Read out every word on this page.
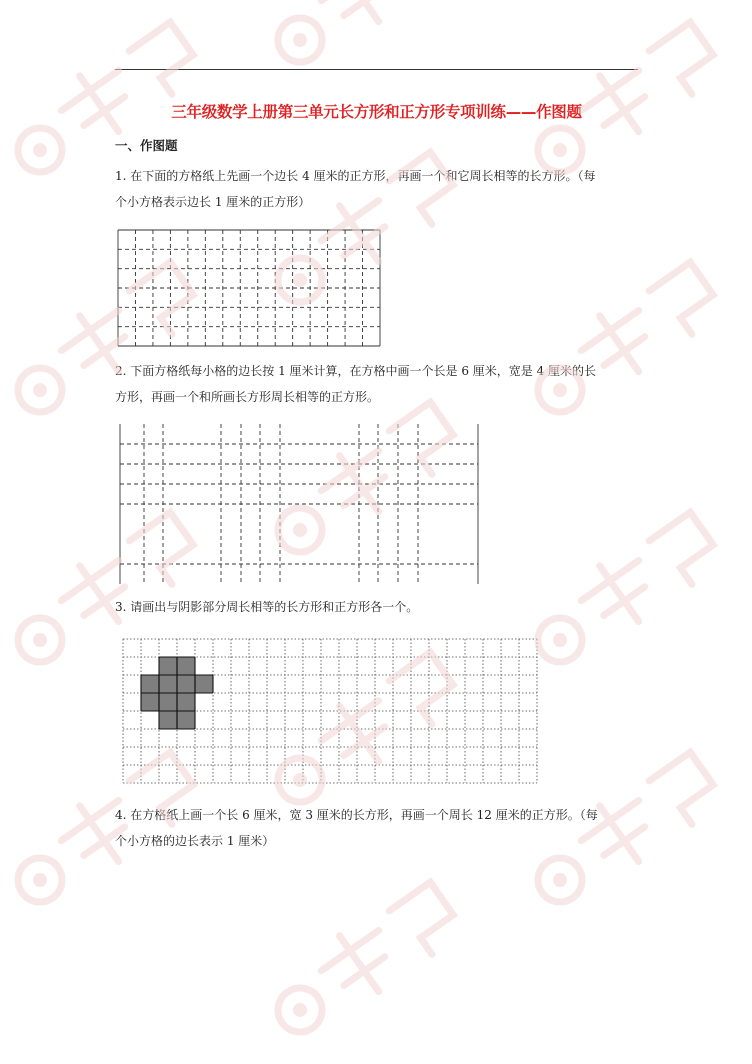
三年级数学上册第三单元长方形和正方形专项训练——作图题
一、作图题
1. 在下面的方格纸上先画一个边长 4 厘米的正方形，再画一个和它周长相等的长方形。（每
个小方格表示边长 1 厘米的正方形）
2. 下面方格纸每小格的边长按 1 厘米计算，在方格中画一个长是 6 厘米，宽是 4 厘米的长
方形，再画一个和所画长方形周长相等的正方形。
3. 请画出与阴影部分周长相等的长方形和正方形各一个。
4. 在方格纸上画一个长 6 厘米，宽 3 厘米的长方形，再画一个周长 12 厘米的正方形。（每
个小方格的边长表示 1 厘米）
